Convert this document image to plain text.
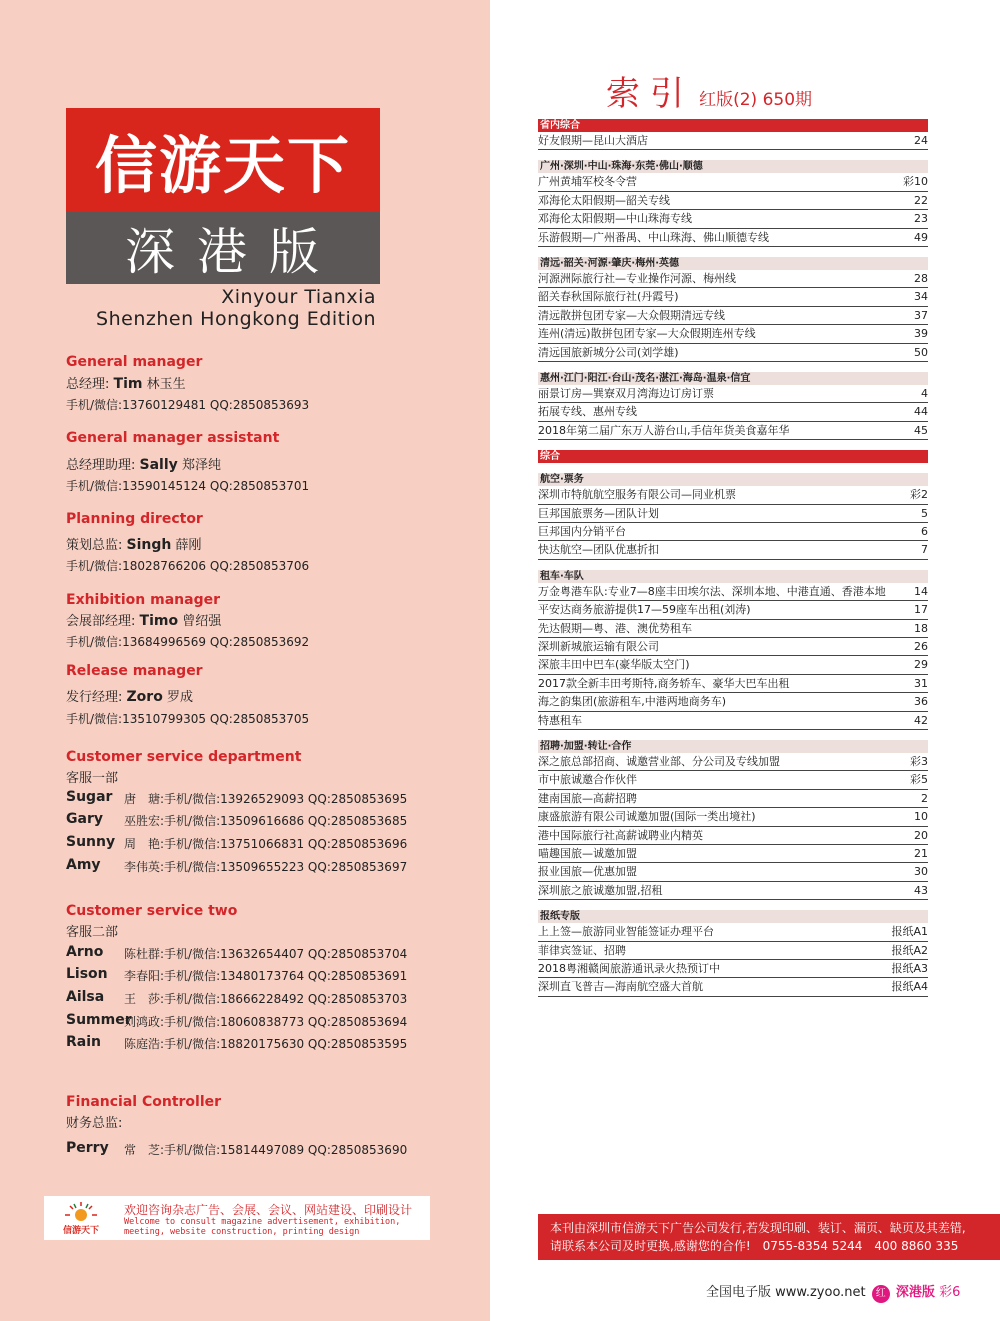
信游天下
深港版
Xinyour Tianxia
Shenzhen Hongkong Edition
General manager
总经理: Tim 林玉生
手机/微信:13760129481 QQ:2850853693
General manager assistant
总经理助理: Sally 郑泽纯
手机/微信:13590145124 QQ:2850853701
Planning director
策划总监: Singh 薛刚
手机/微信:18028766206 QQ:2850853706
Exhibition manager
会展部经理: Timo 曾绍强
手机/微信:13684996569 QQ:2850853692
Release manager
发行经理: Zoro 罗成
手机/微信:13510799305 QQ:2850853705
Customer service department
客服一部
Sugar 唐　瑭:手机/微信:13926529093 QQ:2850853695
Gary 巫胜宏:手机/微信:13509616686 QQ:2850853685
Sunny 周　艳:手机/微信:13751066831 QQ:2850853696
Amy 李伟英:手机/微信:13509655223 QQ:2850853697
Customer service two
客服二部
Arno 陈杜群:手机/微信:13632654407 QQ:2850853704
Lison 李春阳:手机/微信:13480173764 QQ:2850853691
Ailsa 王　莎:手机/微信:18666228492 QQ:2850853703
Summer
刘鸿政:手机/微信:18060838773 QQ:2850853694
Rain 陈庭浩:手机/微信:18820175630 QQ:2850853595
Financial Controller
财务总监:
Perry 常　芝:手机/微信:15814497089 QQ:2850853690
信游天下
欢迎咨询杂志广告、会展、会议、网站建设、印刷设计
Welcome to consult magazine advertisement, exhibition,
meeting, website construction, printing design
索引 红版(2) 650期
省内综合
好友假期—昆山大酒店	24
广州·深圳·中山·珠海·东莞·佛山·顺德
广州黄埔军校冬令营	彩10
邓海伦太阳假期—韶关专线	22
邓海伦太阳假期—中山珠海专线	23
乐游假期—广州番禺、中山珠海、佛山顺德专线	49
清远·韶关·河源·肇庆·梅州·英德
河源洲际旅行社—专业操作河源、梅州线	28
韶关春秋国际旅行社(丹霞号)	34
清远散拼包团专家—大众假期清远专线	37
连州(清远)散拼包团专家—大众假期连州专线	39
清远国旅新城分公司(刘学雄)	50
惠州·江门·阳江·台山·茂名·湛江·海岛·温泉·信宜
丽景订房—巽寮双月湾海边订房订票	4
拓展专线、惠州专线	44
2018年第二届广东万人游台山,手信年货美食嘉年华	45
综合
航空·票务
深圳市特航航空服务有限公司—同业机票	彩2
巨邦国旅票务—团队计划	5
巨邦国内分销平台	6
快达航空—团队优惠折扣	7
租车·车队
万金粤港车队:专业7—8座丰田埃尔法、深圳本地、中港直通、香港本地	14
平安达商务旅游提供17—59座车出租(刘涛)	17
先达假期—粤、港、澳优势租车	18
深圳新城旅运输有限公司	26
深旅丰田中巴车(豪华版太空门)	29
2017款全新丰田考斯特,商务轿车、豪华大巴车出租	31
海之韵集团(旅游租车,中港两地商务车)	36
特惠租车	42
招聘·加盟·转让·合作
深之旅总部招商、诚邀营业部、分公司及专线加盟	彩3
市中旅诚邀合作伙伴	彩5
建南国旅—高薪招聘	2
康盛旅游有限公司诚邀加盟(国际一类出境社)	10
港中国际旅行社高薪诚聘业内精英	20
喵趣国旅—诚邀加盟	21
报业国旅—优惠加盟	30
深圳旅之旅诚邀加盟,招租	43
报纸专版
上上签—旅游同业智能签证办理平台	报纸A1
菲律宾签证、招聘	报纸A2
2018粤湘赣闽旅游通讯录火热预订中	报纸A3
深圳直飞普吉—海南航空盛大首航	报纸A4
本刊由深圳市信游天下广告公司发行,若发现印刷、装订、漏页、缺页及其差错,
请联系本公司及时更换,感谢您的合作!　0755-8354 5244　400 8860 335
全国电子版 www.zyoo.net 红 深港版 彩6
